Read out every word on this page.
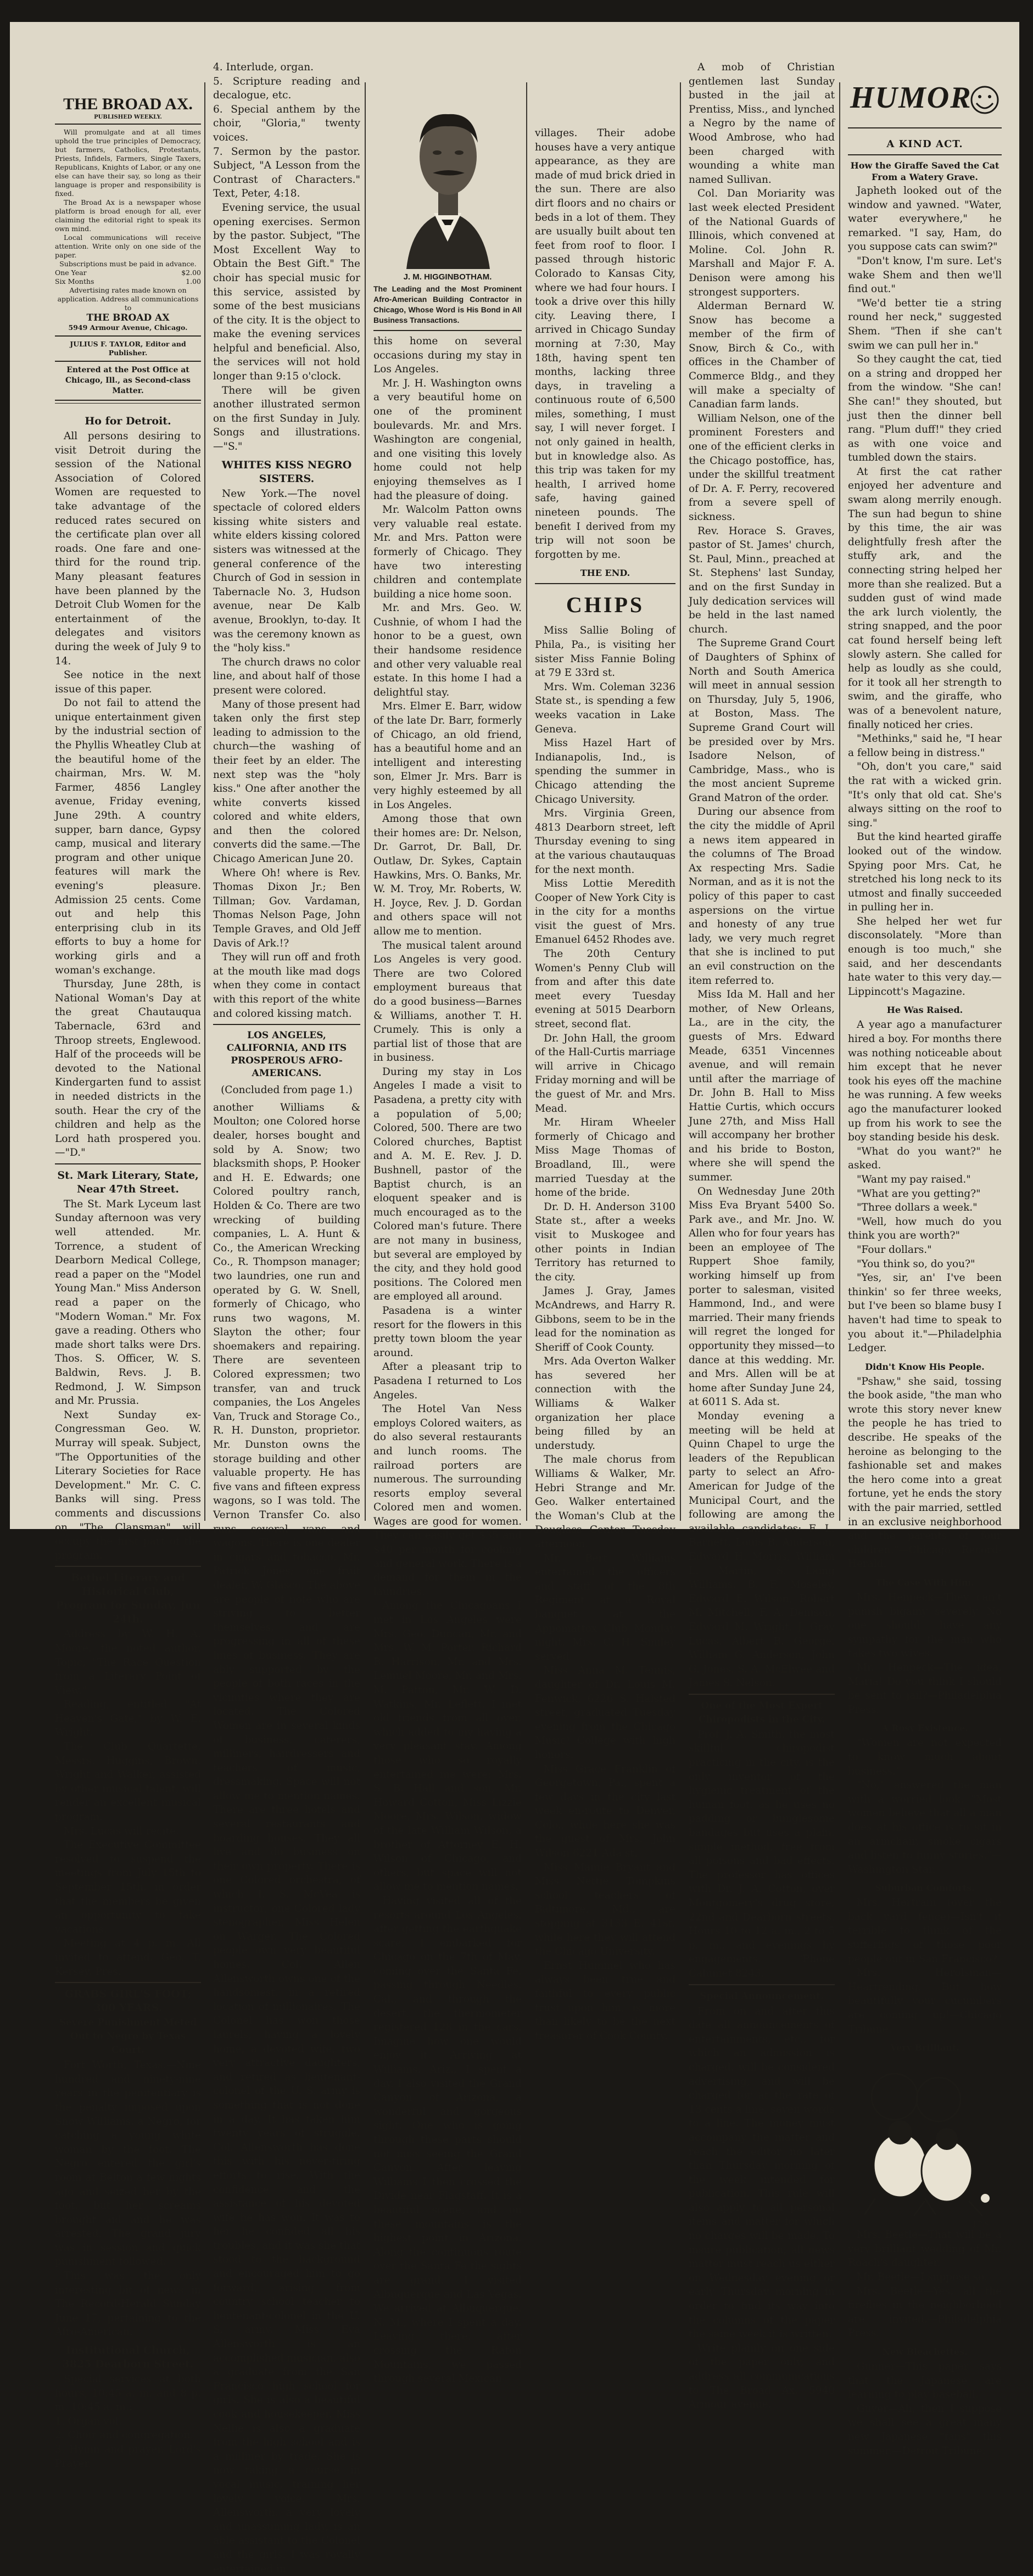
THE BROAD AX.
PUBLISHED WEEKLY.

Will promulgate and at all times uphold the true principles of Democracy, but farmers, Catholics, Protestants, Priests, Infidels, Farmers, Single Taxers, Republicans, Knights of Labor, or any one else can have their say, so long as their language is proper and responsibility is fixed.

The Broad Ax is a newspaper whose platform is broad enough for all, ever claiming the editorial right to speak its own mind.

Local communications will receive attention. Write only on one side of the paper.

Subscriptions must be paid in advance.

One Year	$2.00
Six Months	1.00

Advertising rates made known on application. Address all communications to

THE BROAD AX
5949 Armour Avenue, Chicago.
JULIUS F. TAYLOR, Editor and Publisher.
Entered at the Post Office at Chicago, Ill., as Second-class Matter.
Ho for Detroit.

All persons desiring to visit Detroit during the session of the National Association of Colored Women are requested to take advantage of the reduced rates secured on the certificate plan over all roads. One fare and one-third for the round trip. Many pleasant features have been planned by the Detroit Club Women for the entertainment of the delegates and visitors during the week of July 9 to 14.

See notice in the next issue of this paper.

Do not fail to attend the unique entertainment given by the industrial section of the Phyllis Wheatley Club at the beautiful home of the chairman, Mrs. W. M. Farmer, 4856 Langley avenue, Friday evening, June 29th. A country supper, barn dance, Gypsy camp, musical and literary program and other unique features will mark the evening's pleasure. Admission 25 cents. Come out and help this enterprising club in its efforts to buy a home for working girls and a woman's exchange.

Thursday, June 28th, is National Woman's Day at the great Chautauqua Tabernacle, 63rd and Throop streets, Englewood. Half of the proceeds will be devoted to the National Kindergarten fund to assist in needed districts in the south. Hear the cry of the children and help as the Lord hath prospered you.—"D."

St. Mark Literary, State, Near 47th Street.

The St. Mark Lyceum last Sunday afternoon was very well attended. Mr. Torrence, a student of Dearborn Medical College, read a paper on the "Model Young Man." Miss Anderson read a paper on the "Modern Woman." Mr. Fox gave a reading. Others who made short talks were Drs. Thos. S. Officer, W. S. Baldwin, Revs. J. B. Redmond, J. W. Simpson and Mr. Prussia.

Next Sunday ex-Congressman Geo. W. Murray will speak. Subject, "The Opportunities of the Literary Societies for Race Development." Mr. C. C. Banks will sing. Press comments and discussions on "The Clansman" will occupy the first part of the program.

Bethel Literary and Historical Club, Program for Sunday, Jun 24th.

Address by W. H. A. Moore, the noted author. Topic, "The Race Question from a Literary Point of View."

Reading, entitled "At Heaven's Gate," by W. E. Wright.

The Club Quartette, Messrs. Huggins, Brown, Wright and Walker, assisted by other musical talent, will render an excellent musical program.

Mrs. Lucas will recite.

The Executive Committee resolved to suspend the meetings from July 15th to September 15th, in order that the members be given an opportunity to take vacations.

Meeting at 4 p. m. All invited to attend. Geo. T. Kersey, Pres.

GRABS GIRL'S FOOT; 300 YEARS.
Severe Punishment Meted Out to Negro by Texas Court.

Fort Worth, Texas.—Nine hundred and ninety-nine years in the penitentiary is the penalty imposed upon Snow Williams, a Negro, for catching a young white woman by the foot. The Negro entered the girl's room at Belton a few nights ago and seized her by the foot, but her screams brought aid and he was arrested. The grand jury was in session and quick punishment followed.

This was the only interesting bit of news in The Record-Herald Sunday June 17, pertaining to the Afro-American.

Institutional Church, 3825 Dearborn Street.

Special services at both hours, 10:45 a. m. and 8 p. m. 10:45 a. m.:

1. Organ vol.

2. Choir and congregation.

3. Hymn and prayer, Lord's Prayer.

4. Interlude, organ.

5. Scripture reading and decalogue, etc.

6. Special anthem by the choir, "Gloria," twenty voices.

7. Sermon by the pastor. Subject, "A Lesson from the Contrast of Characters." Text, Peter, 4:18.

Evening service, the usual opening exercises. Sermon by the pastor. Subject, "The Most Excellent Way to Obtain the Best Gift." The choir has special music for this service, assisted by some of the best musicians of the city. It is the object to make the evening services helpful and beneficial. Also, the services will not hold longer than 9:15 o'clock.

There will be given another illustrated sermon on the first Sunday in July. Songs and illustrations.—"S."

WHITES KISS NEGRO SISTERS.

New York.—The novel spectacle of colored elders kissing white sisters and white elders kissing colored sisters was witnessed at the general conference of the Church of God in session in Tabernacle No. 3, Hudson avenue, near De Kalb avenue, Brooklyn, to-day. It was the ceremony known as the "holy kiss."

The church draws no color line, and about half of those present were colored.

Many of those present had taken only the first step leading to admission to the church—the washing of their feet by an elder. The next step was the "holy kiss." One after another the white converts kissed colored and white elders, and then the colored converts did the same.—The Chicago American June 20.

Where Oh! where is Rev. Thomas Dixon Jr.; Ben Tillman; Gov. Vardaman, Thomas Nelson Page, John Temple Graves, and Old Jeff Davis of Ark.!?

They will run off and froth at the mouth like mad dogs when they come in contact with this report of the white and colored kissing match.

LOS ANGELES, CALIFORNIA, AND ITS PROSPEROUS AFRO-AMERICANS.
(Concluded from page 1.)

another Williams & Moulton; one Colored horse dealer, horses bought and sold by A. Snow; two blacksmith shops, P. Hooker and H. E. Edwards; one Colored poultry ranch, Holden & Co. There are two wrecking of building companies, L. A. Hunt & Co., the American Wrecking Co., R. Thompson manager; two laundries, one run and operated by G. W. Snell, formerly of Chicago, who runs two wagons, M. Slayton the other; four shoemakers and repairing. There are seventeen Colored expressmen; two transfer, van and truck companies, the Los Angeles Van, Truck and Storage Co., R. H. Dunston, proprietor. Mr. Dunston owns the storage building and other valuable property. He has five vans and fifteen express wagons, so I was told. The Vernon Transfer Co. also runs several vans and wagons. There is one dealer in cigars and tobacco, Mr. Patrick Jones; one fruit dealer, W. Glasco. The above are people of note who are striving to better themselves, and are progressing in all of these lines of business. They are ably supported by the people of both races in the vicinities where they are located. The Colored Women are in several kinds of business, caterers, milliners, hairdressers and teachers of music, dressmaking. Space will not allow me to mention names. There are three hotels and several restaurants and boarding houses. They all live and do business on their own property. There is one Colored orchestra, of which I. S. McVea is instructor; one Colored lady stenographer, Miss Helen on Warger. The Colored people own very beautiful homes. Col. Allen Allensworth owns one of the handsomest, in a retired location of millionaires. The Colonel has won those laurels, having a lovely home, a devoted wife, two very attractive daughters, and retired as lieutenant-colonel of the U. S. army is something that is not done in a day. It has taken him twenty years of struggle. Col. Allensworth has done this with his never-tiring efforts to rise. With the confidence and the assistance of his devoted wife he has won. It was to her he confided all his troubles, and it was she that stood to the background and encouraged him to go forward, arising from country school teacher to lieutenant-colonel in the U. S. army. Miss Eva Allensworth is an accomplished musician, also a graduate from the San Francisco high school for girls. She is also a beautiful cook and housekeeper. Miss Nellie is also a graduate from the high school and is a milliner by trade. She is now taking a course in vocal music, training her lovely voice. Mrs. Allensworth, a very lovely and unassuming lady, is an able assistant to the Colonel and the girls. I was royally entertained in

J. M. HIGGINBOTHAM.
The Leading and the Most Prominent Afro-American Building Contractor in Chicago, Whose Word is His Bond in All Business Transactions.

this home on several occasions during my stay in Los Angeles.

Mr. J. H. Washington owns a very beautiful home on one of the prominent boulevards. Mr. and Mrs. Washington are congenial, and one visiting this lovely home could not help enjoying themselves as I had the pleasure of doing.

Mr. Walcolm Patton owns very valuable real estate. Mr. and Mrs. Patton were formerly of Chicago. They have two interesting children and contemplate building a nice home soon.

Mr. and Mrs. Geo. W. Cushnie, of whom I had the honor to be a guest, own their handsome residence and other very valuable real estate. In this home I had a delightful stay.

Mrs. Elmer E. Barr, widow of the late Dr. Barr, formerly of Chicago, an old friend, has a beautiful home and an intelligent and interesting son, Elmer Jr. Mrs. Barr is very highly esteemed by all in Los Angeles.

Among those that own their homes are: Dr. Nelson, Dr. Garrot, Dr. Ball, Dr. Outlaw, Dr. Sykes, Captain Hawkins, Mrs. O. Banks, Mr. W. M. Troy, Mr. Roberts, W. H. Joyce, Rev. J. D. Gordan and others space will not allow me to mention.

The musical talent around Los Angeles is very good. There are two Colored employment bureaus that do a good business—Barnes & Williams, another T. H. Crumely. This is only a partial list of those that are in business.

During my stay in Los Angeles I made a visit to Pasadena, a pretty city with a population of 5,00; Colored, 500. There are two Colored churches, Baptist and A. M. E. Rev. J. D. Bushnell, pastor of the Baptist church, is an eloquent speaker and is much encouraged as to the Colored man's future. There are not many in business, but several are employed by the city, and they hold good positions. The Colored men are employed all around.

Pasadena is a winter resort for the flowers in this pretty town bloom the year around.

After a pleasant trip to Pasadena I returned to Los Angeles.

The Hotel Van Ness employs Colored waiters, as do also several restaurants and lunch rooms. The railroad porters are numerous. The surrounding resorts employ several Colored men and women. Wages are good for women. They can easily get $35 and $40 per month for cooking and general work. There is a demand for them in the laundries.

Among the Chicagoans I met in Los Angeles were Mrs. Geo. Duncan, Mr. and Mrs. W. M. Porter, Richard B. Harrison, Mr. and Mrs. Lemuel Moore, Mr. and Mrs. M. Patton, Mr. W. D. Watkins, Mr. Leflett. I met old friends from all over, which added to my having a very pleasant stay. Among those who so royally entertained me were: Mrs. S. B. Hall and son, Mr. Howard Cotton, Miss Lizzie Moore, Mrs. Wilson, widow of the late William Wilson, a brother of Attorney E. H. Wilson of Chicago, and others, but space will not allow me to mention names.

Having visited all of the resorts around Los Angeles, after getting the earthquake scare, I embarked for Chicago on the 7th of May, coming over the Santa Fe, passing through Needles, Cal., and through the desert, the thermometer registered 128 in the cars. Imagine how one would enjoy it. Arriving at Williams, Ariz., I spent a day. I also visited the Grand Canyon of Arizona, a wonderful and gorgeous sight. One who is going through these parts should not miss seeing the Grand Canyon. After leaving Williams I then crossed the Divide near Flagstaff. It is a beautiful scene, and on these mountains is the highest point in Arizona. Along the continuous route over the Santa Fe the sights are grand. I visited Albuquerque and Las Vegas. We arrived at Albuquerque, N. M., where I spent a day. Leaving there, after crossing the Raton Mountains, we passed through several Mexican

villages. Their adobe houses have a very antique appearance, as they are made of mud brick dried in the sun. There are also dirt floors and no chairs or beds in a lot of them. They are usually built about ten feet from roof to floor. I passed through historic Colorado to Kansas City, where we had four hours. I took a drive over this hilly city. Leaving there, I arrived in Chicago Sunday morning at 7:30, May 18th, having spent ten months, lacking three days, in traveling a continuous route of 6,500 miles, something, I must say, I will never forget. I not only gained in health, but in knowledge also. As this trip was taken for my health, I arrived home safe, having gained nineteen pounds. The benefit I derived from my trip will not soon be forgotten by me.

THE END.
CHIPS

Miss Sallie Boling of Phila, Pa., is visiting her sister Miss Fannie Boling at 79 E 33rd st.

Mrs. Wm. Coleman 3236 State st., is spending a few weeks vacation in Lake Geneva.

Miss Hazel Hart of Indianapolis, Ind., is spending the summer in Chicago attending the Chicago University.

Mrs. Virginia Green, 4813 Dearborn street, left Thursday evening to sing at the various chautauquas for the next month.

Miss Lottie Meredith Cooper of New York City is in the city for a months visit the guest of Mrs. Emanuel 6452 Rhodes ave.

The 20th Century Women's Penny Club will from and after this date meet every Tuesday evening at 5015 Dearborn street, second flat.

Dr. John Hall, the groom of the Hall-Curtis marriage will arrive in Chicago Friday morning and will be the guest of Mr. and Mrs. Mead.

Mr. Hiram Wheeler formerly of Chicago and Miss Mage Thomas of Broadland, Ill., were married Tuesday at the home of the bride.

Dr. D. H. Anderson 3100 State st., after a weeks visit to Muskogee and other points in Indian Territory has returned to the city.

James J. Gray, James McAndrews, and Harry R. Gibbons, seem to be in the lead for the nomination as Sheriff of Cook County.

Mrs. Ada Overton Walker has severed her connection with the Williams & Walker organization her place being filled by an understudy.

The male chorus from Williams & Walker, Mr. Hebri Strange and Mr. Geo. Walker entertained the Woman's Club at the Douglass Center Tuesday afternoon.

Mr. Bert Williams entertained the officers and staff of the 8th Regiment at a Royal banquet at the Appomattox Club Monday night. Mrs. C. H. Smiley served.

Miss Anna M. Tennis, daughter of Dr. Louis M. Fenwick, 6226 S. Halsted street, graduated Tuesday evening from the Chicago Music! College with high honors.

Miss Grace Franklin of Georgetown, Pa., spent a few days in the city last week en-route to Denver, Colo., while here she was the guest of Mrs. John Wilson 6221 Ada st.

Miss Mamie Bryant and Miss Nettie Tompkins school teachers of Baltimore, Md., are stopping at 3133 E. 41st. while here they will attend the Chicago University.

Ernst Hummel who has always been true and faithful to every public trust upon him, is more than likely to be the next treasurer of Cook County.

A mob of Christian gentlemen last Sunday busted in the jail at Prentiss, Miss., and lynched a Negro by the name of Wood Ambrose, who had been charged with wounding a white man named Sullivan.

Col. Dan Moriarity was last week elected President of the National Guards of Illinois, which convened at Moline. Col. John R. Marshall and Major F. A. Denison were among his strongest supporters.

Alderman Bernard W. Snow has become a member of the firm of Snow, Birch & Co., with offices in the Chamber of Commerce Bldg., and they will make a specialty of Canadian farm lands.

William Nelson, one of the prominent Foresters and one of the efficient clerks in the Chicago postoffice, has, under the skillful treatment of Dr. A. F. Perry, recovered from a severe spell of sickness.

Rev. Horace S. Graves, pastor of St. James' church, St. Paul, Minn., preached at St. Stephens' last Sunday, and on the first Sunday in July dedication services will be held in the last named church.

The Supreme Grand Court of Daughters of Sphinx of North and South America will meet in annual session on Thursday, July 5, 1906, at Boston, Mass. The Supreme Grand Court will be presided over by Mrs. Isadore Nelson, of Cambridge, Mass., who is the most ancient Supreme Grand Matron of the order.

During our absence from the city the middle of April a news item appeared in the columns of The Broad Ax respecting Mrs. Sadie Norman, and as it is not the policy of this paper to cast aspersions on the virtue and honesty of any true lady, we very much regret that she is inclined to put an evil construction on the item referred to.

Miss Ida M. Hall and her mother, of New Orleans, La., are in the city, the guests of Mrs. Edward Meade, 6351 Vincennes avenue, and will remain until after the marriage of Dr. John B. Hall to Miss Hattie Curtis, which occurs June 27th, and Miss Hall will accompany her brother and his bride to Boston, where she will spend the summer.

On Wednesday June 20th Miss Eva Bryant 5400 So. Park ave., and Mr. Jno. W. Allen who for four years has been an employee of The Ruppert Shoe family, working himself up from porter to salesman, visited Hammond, Ind., and were married. Their many friends will regret the longed for opportunity they missed—to dance at this wedding. Mr. and Mrs. Allen will be at home after Sunday June 24, at 6011 S. Ada st.

Monday evening a meeting will be held at Quinn Chapel to urge the leaders of the Republican party to select an Afro-American for Judge of the Municipal Court, and the following are among the available candidates: F. L. Barnett, Louis B. Anderson, Edward H. Morris, William L. Martin, S. Laing Williams, B. F. Moseley, Edward E. Wilson, Robert M. Mitchell, F. A. Denison, Edward M. Wright, J. Gray Lucas, Albert B. George, William G. Anderson, John G. Jones, S. A. McElwee and James S. Nelson.

One of the Most Expert Chiropodists in the City.

Prof. J. A. Smith, the most skillful chiropodist practicing in the city, is the only inventor of the hygienic treatment of the human foot, as he uses no padding or bunglesome bandages but uses a plain, simple method, free from all poisons and bad effects. The professor has offices with Dr. J. A. Cotton, over Montgomery's drug store, 22nd and Dearborn streets. Hours 10 to 12 a. m., 2 to 5 p. m., and evenings by engagements. 'Phone Calumet 8243.

Special Announcement.

From on and after this date all announcements of entertainments, etc., for which an admission is charged, will be considered advertising, and will be charged for at the rate of 13 cents a line, seven words to a line. The money must accompany the matter and reach the editor no later than Thursday morning of the week intended for publication. This rule will also apply to all personal items and matter for which no charges will be made. To insure publication, all news matter must reach us either on Wednesday evening or early Thursday morning in order to find its way into the columns of the paper the same week it is written.

Write plainly on one side of the paper only, and address all communications to The Broad Ax, 5940 Armour avenue.

HUMOR
A KIND ACT.
How the Giraffe Saved the Cat From a Watery Grave.

Japheth looked out of the window and yawned. "Water, water everywhere," he remarked. "I say, Ham, do you suppose cats can swim?"

"Don't know, I'm sure. Let's wake Shem and then we'll find out."

"We'd better tie a string round her neck," suggested Shem. "Then if she can't swim we can pull her in."

So they caught the cat, tied on a string and dropped her from the window. "She can! She can!" they shouted, but just then the dinner bell rang. "Plum duff!" they cried as with one voice and tumbled down the stairs.

At first the cat rather enjoyed her adventure and swam along merrily enough. The sun had begun to shine by this time, the air was delightfully fresh after the stuffy ark, and the connecting string helped her more than she realized. But a sudden gust of wind made the ark lurch violently, the string snapped, and the poor cat found herself being left slowly astern. She called for help as loudly as she could, for it took all her strength to swim, and the giraffe, who was of a benevolent nature, finally noticed her cries.

"Methinks," said he, "I hear a fellow being in distress."

"Oh, don't you care," said the rat with a wicked grin. "It's only that old cat. She's always sitting on the roof to sing."

But the kind hearted giraffe looked out of the window. Spying poor Mrs. Cat, he stretched his long neck to its utmost and finally succeeded in pulling her in.

She helped her wet fur disconsolately. "More than enough is too much," she said, and her descendants hate water to this very day.—Lippincott's Magazine.

He Was Raised.

A year ago a manufacturer hired a boy. For months there was nothing noticeable about him except that he never took his eyes off the machine he was running. A few weeks ago the manufacturer looked up from his work to see the boy standing beside his desk.

"What do you want?" he asked.

"Want my pay raised."

"What are you getting?"

"Three dollars a week."

"Well, how much do you think you are worth?"

"Four dollars."

"You think so, do you?"

"Yes, sir, an' I've been thinkin' so fer three weeks, but I've been so blame busy I haven't had time to speak to you about it."—Philadelphia Ledger.

Didn't Know His People.

"Pshaw," she said, tossing the book aside, "the man who wrote this story never knew the people he has tried to describe. He speaks of the heroine as belonging to the fashionable set and makes the hero come into a great fortune, yet he ends the story with the pair married, settled in an exclusive neighborhood and the parents of four children."—Chicago Record-Herald.

The Case With Him.

Mrs. Henpeck—They can't punish bigamy severely. No one should have any sympathy for the man who takes two wives.

Mr. Henpeck—The idea, Maria! Do you think I should be sent to jail?—Philadelphia Press.

A Rosy Existence.

"Women are not expected to know much about business."

"No," answered the man with a worried look. "Most women believe that all a man does at his office is to sit in an armchair, smoke cigars and listen to funny stories."—Washington Star.

Suburban Comforts.

Mrs. Hertrain (over the back yard fence)—Isn't it terrible to think of the sufferings of those poor people out in San Francisco?

Mrs. Herolsman—Heartrending. But how beautifully your cucumbers are coming up!—Chicago Tribune.

Very Brilliant.
J.B.S.

Mrs. Beetle—That will be a very brilliant wedding of Mr. Roach's daughter.

Mr. Beetle—I suppose so.

Mrs. Beetle—Yes, all the fireflies in the neighborhood are invited.—Philadelphia Press.

New Bleachettes.

Gunner—This paper says that the Japanese are learning to play baseball.

Guyer—Ah, then I suppose we shall see a great many new Japanese "fans" this summer.—Detroit Tribune.
